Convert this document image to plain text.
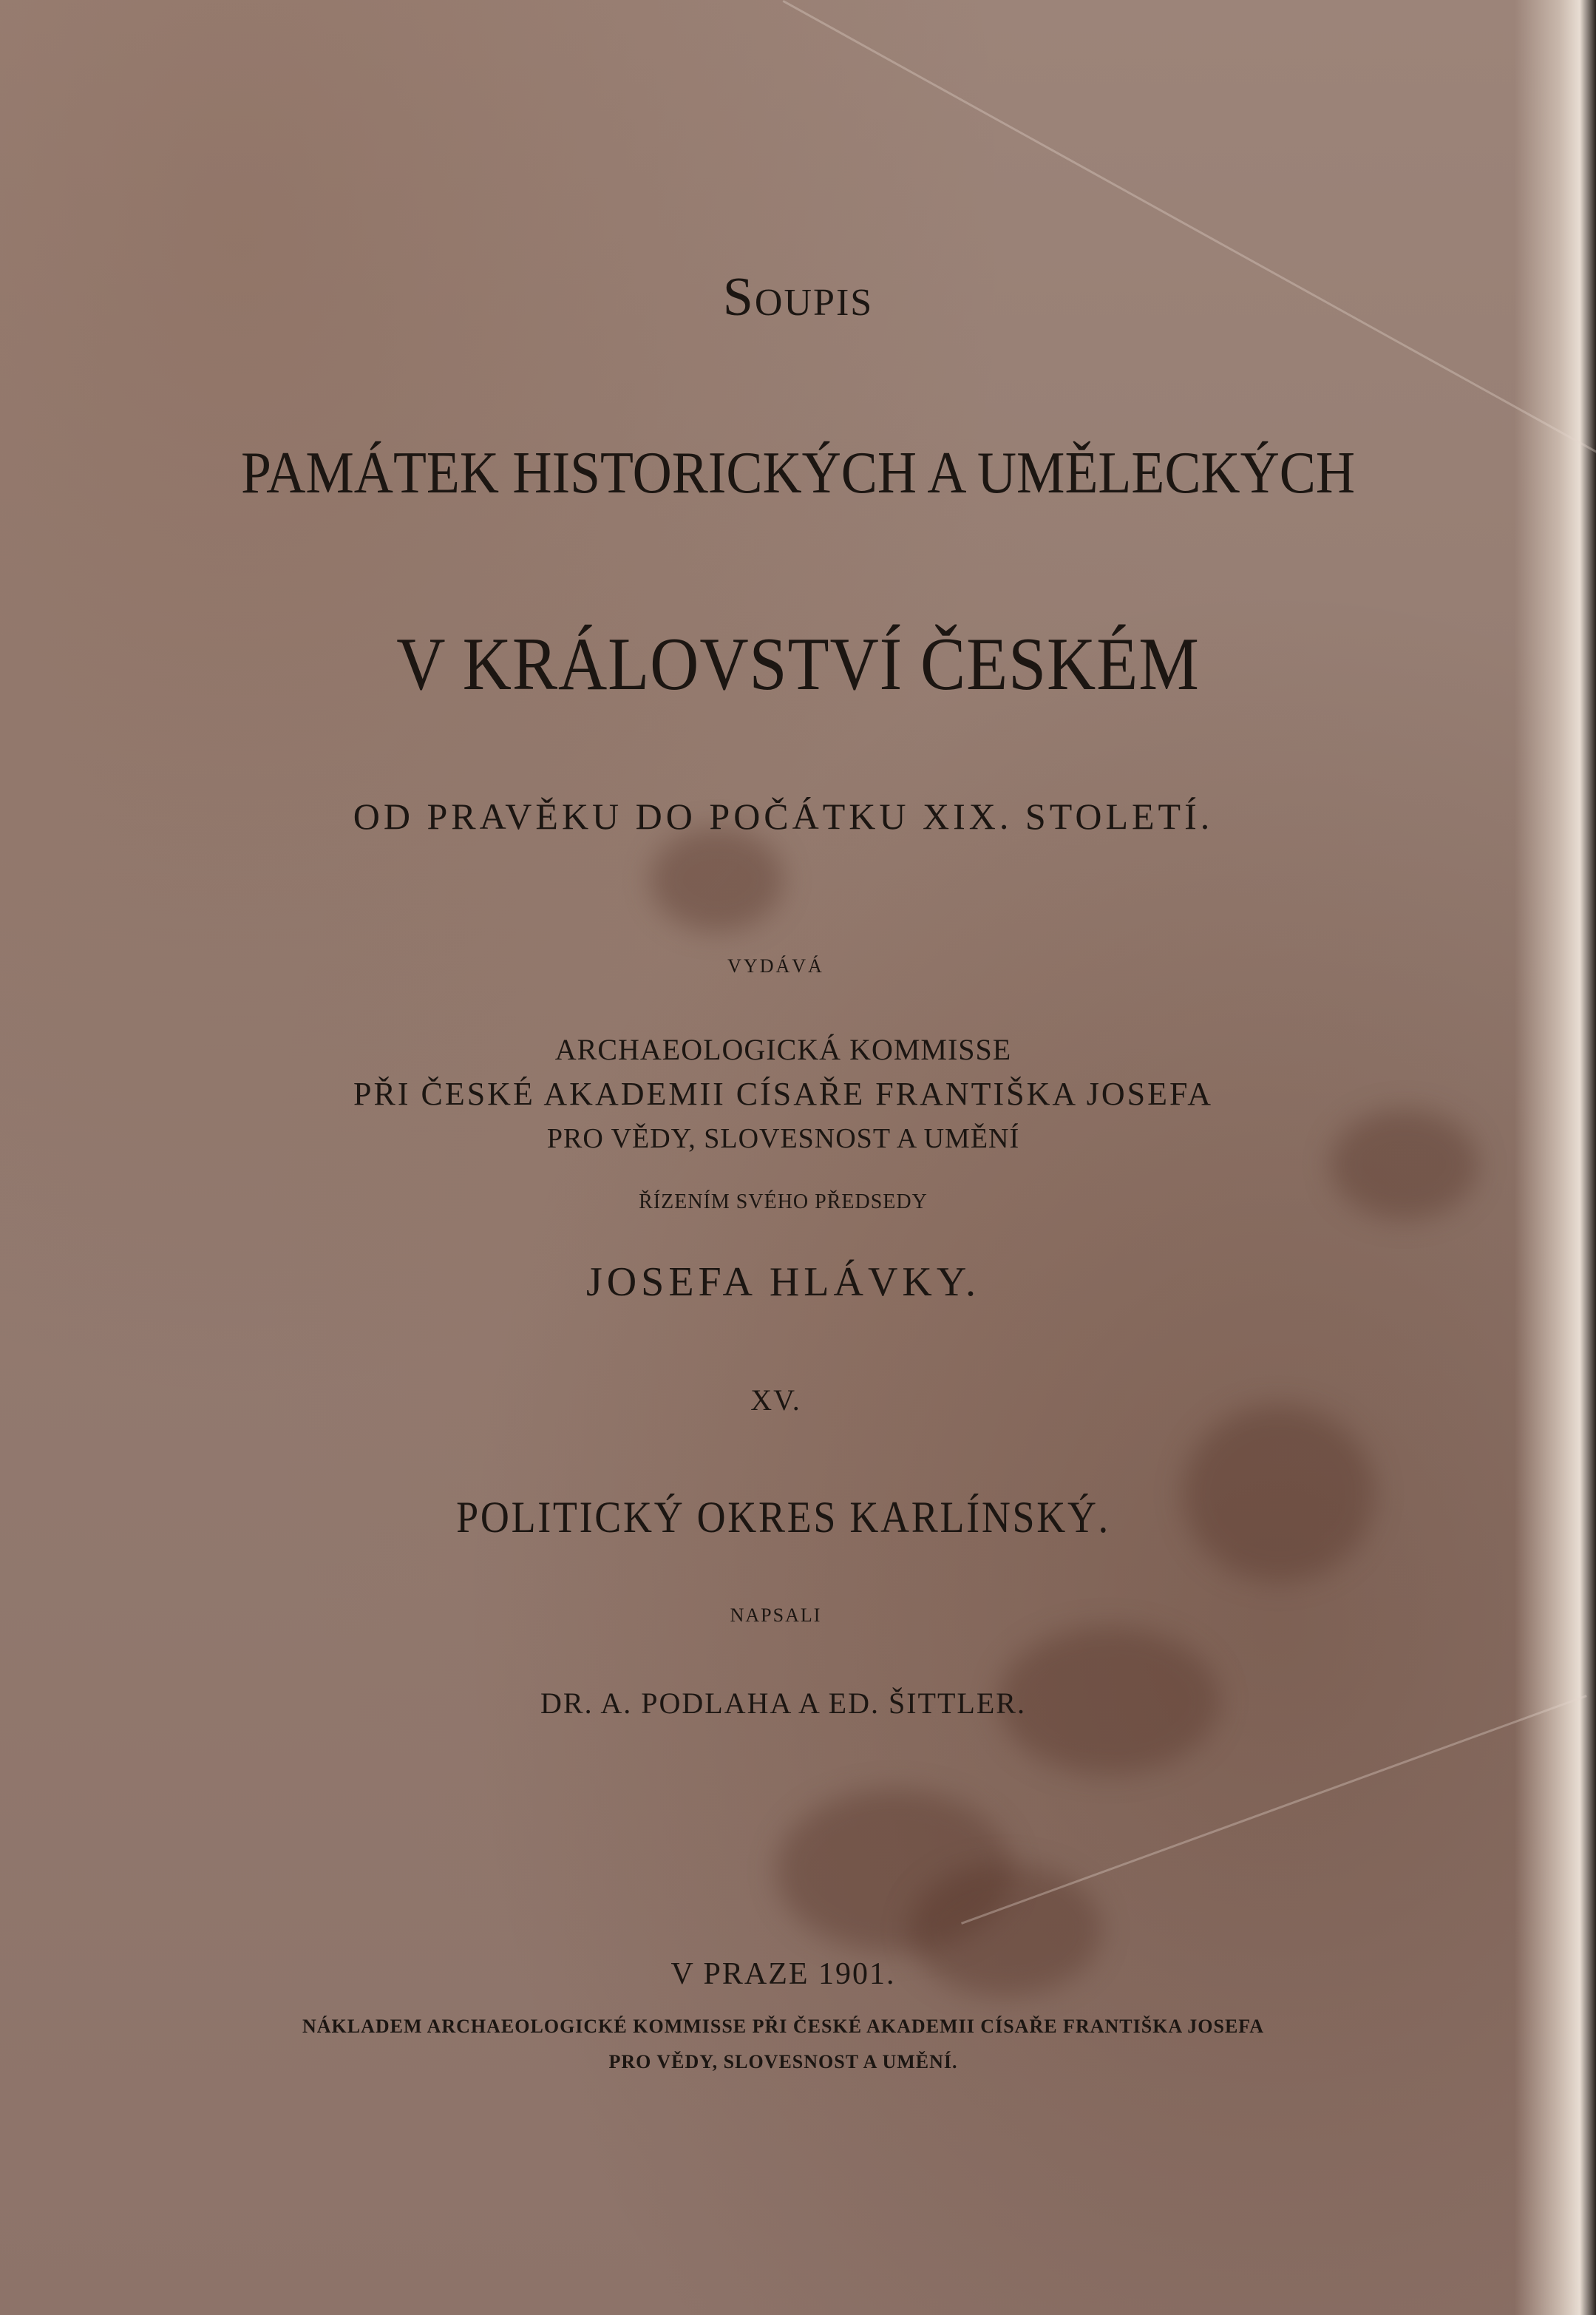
Soupis

PAMÁTEK HISTORICKÝCH A UMĚLECKÝCH

V KRÁLOVSTVÍ ČESKÉM

OD PRAVĚKU DO POČÁTKU XIX. STOLETÍ.

VYDÁVÁ

ARCHAEOLOGICKÁ KOMMISSE

PŘI ČESKÉ AKADEMII CÍSAŘE FRANTIŠKA JOSEFA

PRO VĚDY, SLOVESNOST A UMĚNÍ

ŘÍZENÍM SVÉHO PŘEDSEDY

JOSEFA HLÁVKY.

XV.

POLITICKÝ OKRES KARLÍNSKÝ.

NAPSALI

DR. A. PODLAHA A ED. ŠITTLER.

V PRAZE 1901.

NÁKLADEM ARCHAEOLOGICKÉ KOMMISSE PŘI ČESKÉ AKADEMII CÍSAŘE FRANTIŠKA JOSEFA

PRO VĚDY, SLOVESNOST A UMĚNÍ.
